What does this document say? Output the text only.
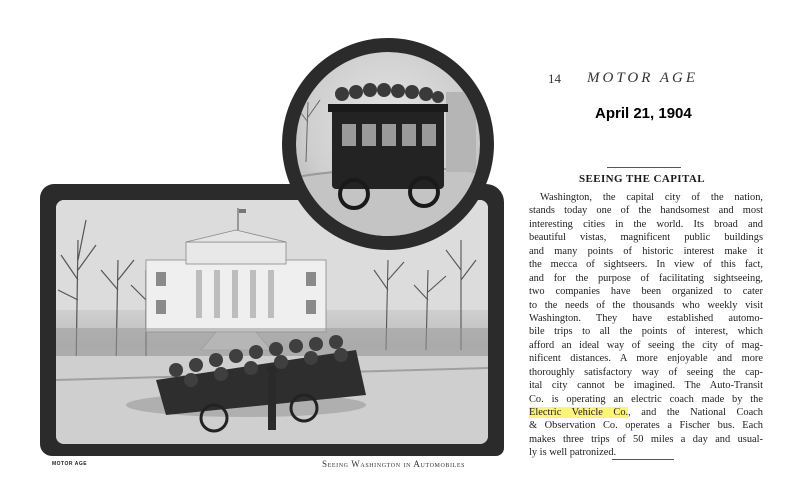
MOTOR AGE	Seeing Washington in Automobiles
14 MOTOR AGE
April 21, 1904
SEEING THE CAPITAL
Washington, the capital city of the nation,
stands today one of the handsomest and most
interesting cities in the world. Its broad and
beautiful vistas, magnificent public buildings
and many points of historic interest make it
the mecca of sightseers. In view of this fact,
and for the purpose of facilitating sightseeing,
two companies have been organized to cater
to the needs of the thousands who weekly visit
Washington. They have established automo-
bile trips to all the points of interest, which
afford an ideal way of seeing the city of mag-
nificent distances. A more enjoyable and more
thoroughly satisfactory way of seeing the cap-
ital city cannot be imagined. The Auto-Transit
Co. is operating an electric coach made by the
Electric Vehicle Co., and the National Coach
& Observation Co. operates a Fischer bus. Each
makes three trips of 50 miles a day and usual-
ly is well patronized.
